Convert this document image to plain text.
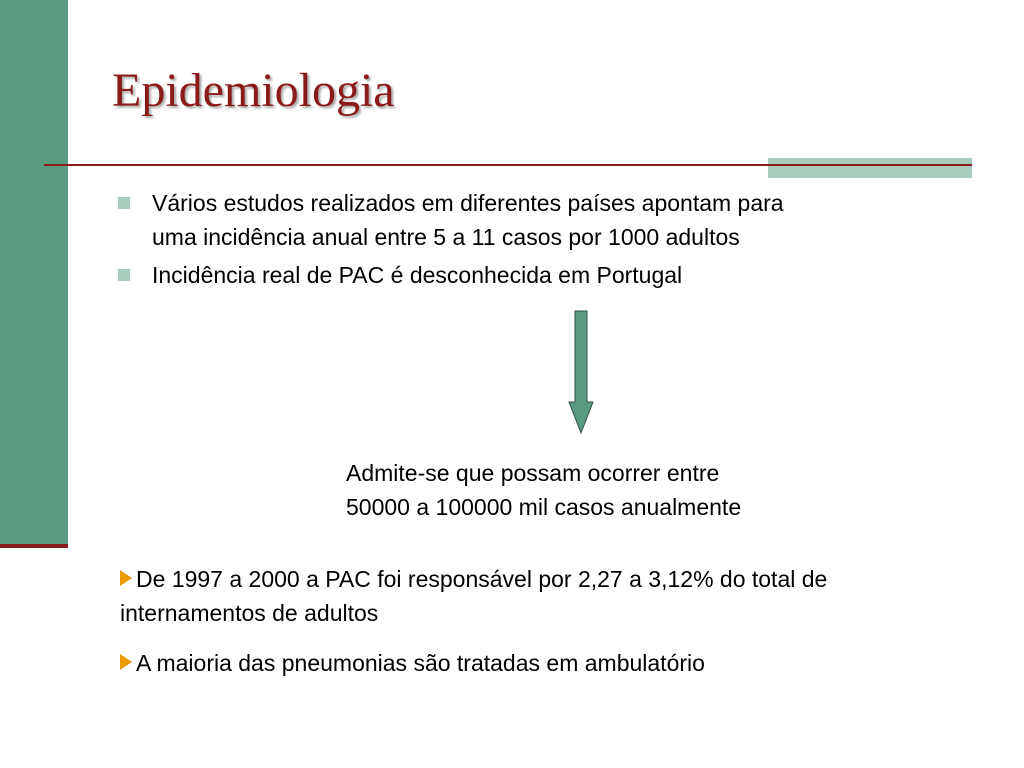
Epidemiologia
Vários estudos realizados em diferentes países apontam para
uma incidência anual entre 5 a 11 casos por 1000 adultos
Incidência real de PAC é desconhecida em Portugal
Admite-se que possam ocorrer entre
50000 a 100000 mil casos anualmente
De 1997 a 2000 a PAC foi responsável por 2,27 a 3,12% do total de internamentos de adultos
A maioria das pneumonias são tratadas em ambulatório
